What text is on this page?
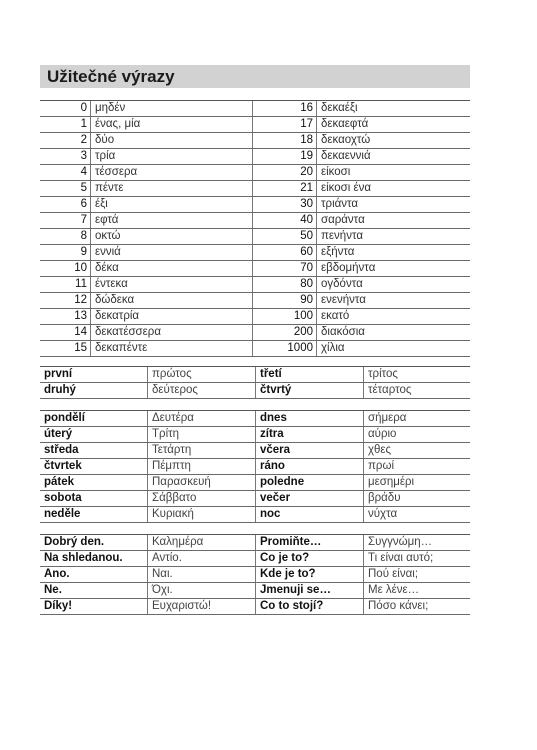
Užitečné výrazy
0 μηδέν	16 δεκαέξι
1 ένας, μία	17 δεκαεφτά
2 δύο	18 δεκαοχτώ
3 τρία	19 δεκαεννιά
4 τέσσερα	20 είκοσι
5 πέντε	21 είκοσι ένα
6 έξι	30 τριάντα
7 εφτά	40 σαράντα
8 οκτώ	50 πενήντα
9 εννιά	60 εξήντα
10 δέκα	70 εβδομήντα
11 έντεκα	80 ογδόντα
12 δώδεκα	90 ενενήντα
13 δεκατρία	100 εκατό
14 δεκατέσσερα	200 διακόσια
15 δεκαπέντε	1000 χίλια
první	πρώτος	třetí	τρίτος
druhý	δεύτερος	čtvrtý	τέταρτος
pondělí	Δευτέρα	dnes	σήμερα
úterý	Τρίτη	zítra	αύριο
středa	Τετάρτη	včera	χθες
čtvrtek	Πέμπτη	ráno	πρωί
pátek	Παρασκευή	poledne	μεσημέρι
sobota	Σάββατο	večer	βράδυ
neděle	Κυριακή	noc	νύχτα
Dobrý den.	Καλημέρα	Promiňte…	Συγγνώμη…
Na shledanou.	Αντίο.	Co je to?	Τι είναι αυτό;
Ano.	Ναι.	Kde je to?	Πού είναι;
Ne.	Όχι.	Jmenuji se…	Με λένε…
Díky!	Ευχαριστώ!	Co to stojí?	Πόσο κάνει;
